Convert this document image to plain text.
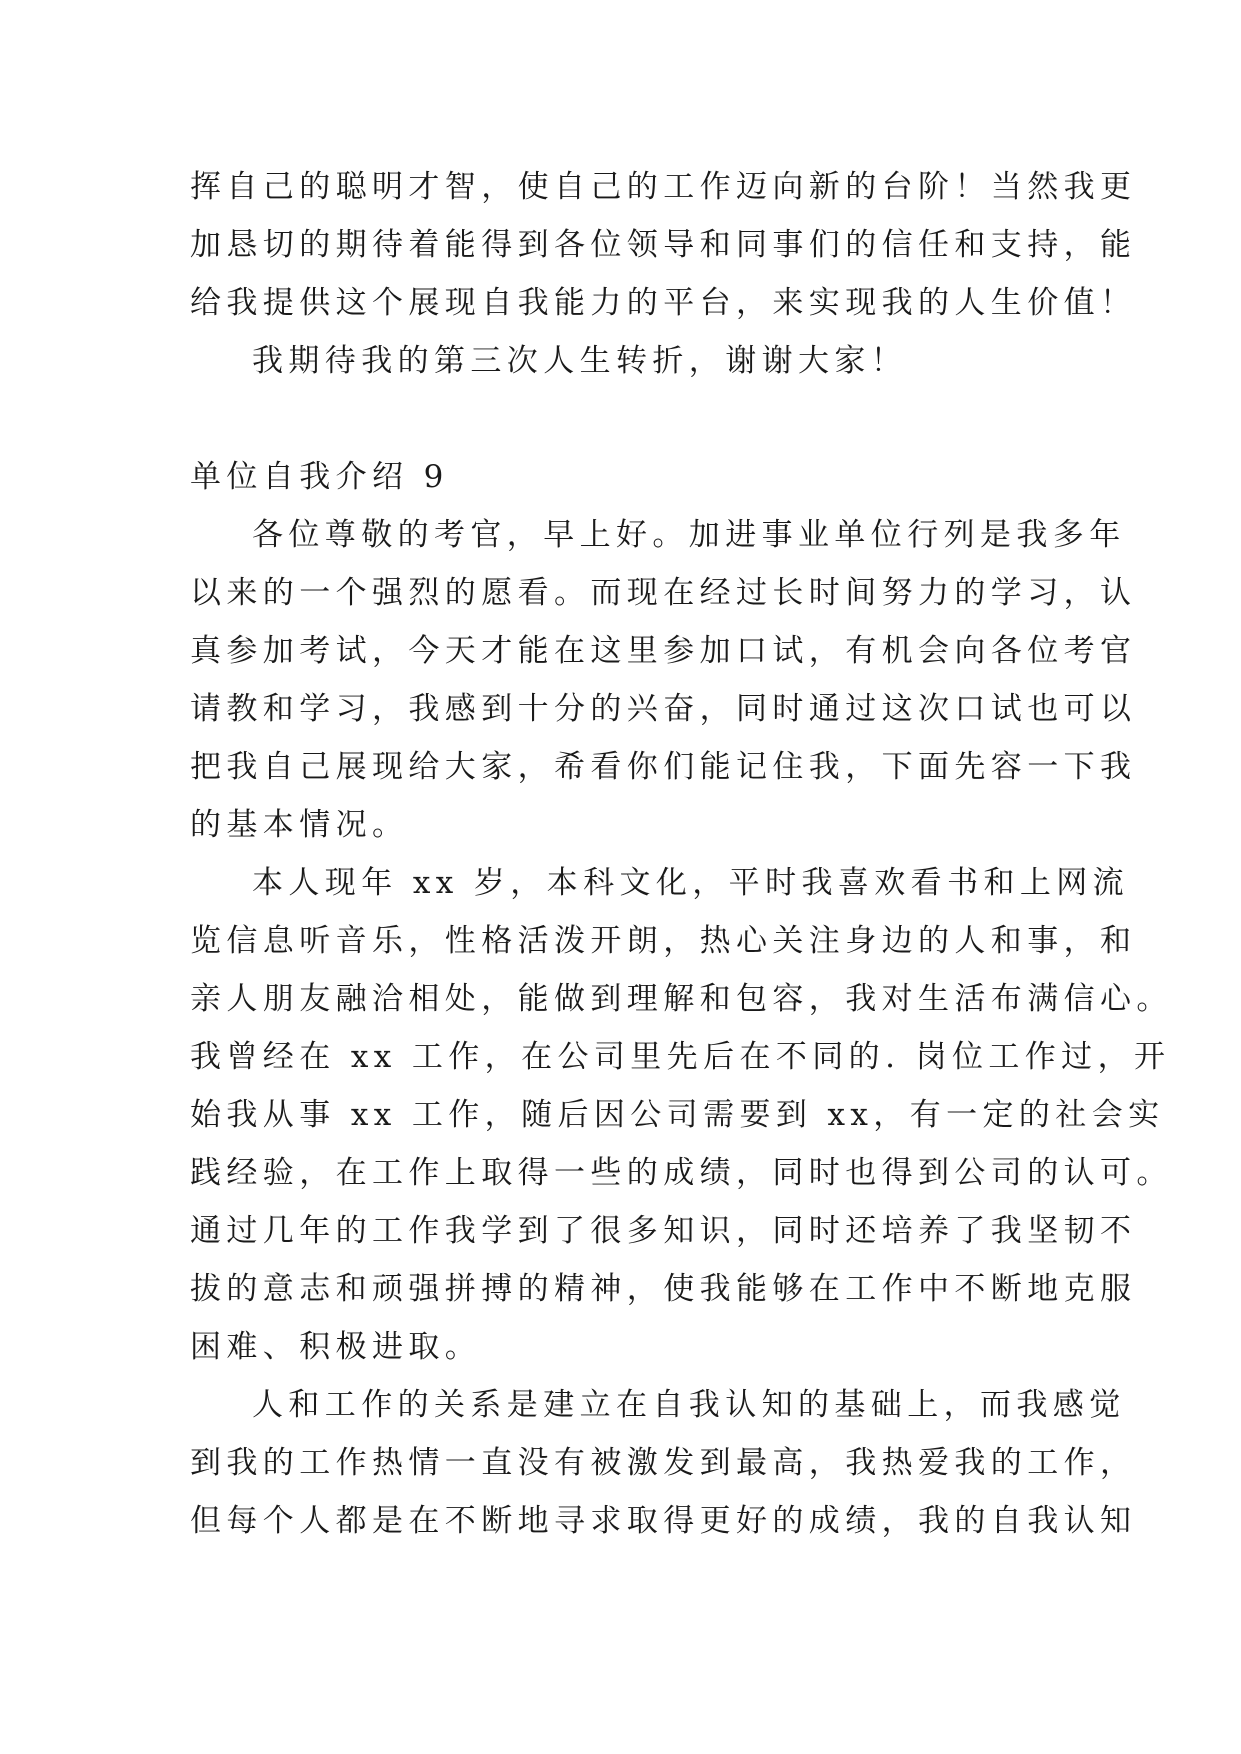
挥自己的聪明才智，使自己的工作迈向新的台阶！当然我更
加恳切的期待着能得到各位领导和同事们的信任和支持，能
给我提供这个展现自我能力的平台，来实现我的人生价值！
我期待我的第三次人生转折，谢谢大家！
单位自我介绍 9
各位尊敬的考官，早上好。加进事业单位行列是我多年
以来的一个强烈的愿看。而现在经过长时间努力的学习，认
真参加考试，今天才能在这里参加口试，有机会向各位考官
请教和学习，我感到十分的兴奋，同时通过这次口试也可以
把我自己展现给大家，希看你们能记住我，下面先容一下我
的基本情况。
本人现年 xx 岁，本科文化，平时我喜欢看书和上网流
览信息听音乐，性格活泼开朗，热心关注身边的人和事，和
亲人朋友融洽相处，能做到理解和包容，我对生活布满信心。
我曾经在 xx 工作，在公司里先后在不同的. 岗位工作过，开
始我从事 xx 工作，随后因公司需要到 xx，有一定的社会实
践经验，在工作上取得一些的成绩，同时也得到公司的认可。
通过几年的工作我学到了很多知识，同时还培养了我坚韧不
拔的意志和顽强拼搏的精神，使我能够在工作中不断地克服
困难、积极进取。
人和工作的关系是建立在自我认知的基础上，而我感觉
到我的工作热情一直没有被激发到最高，我热爱我的工作，
但每个人都是在不断地寻求取得更好的成绩，我的自我认知
